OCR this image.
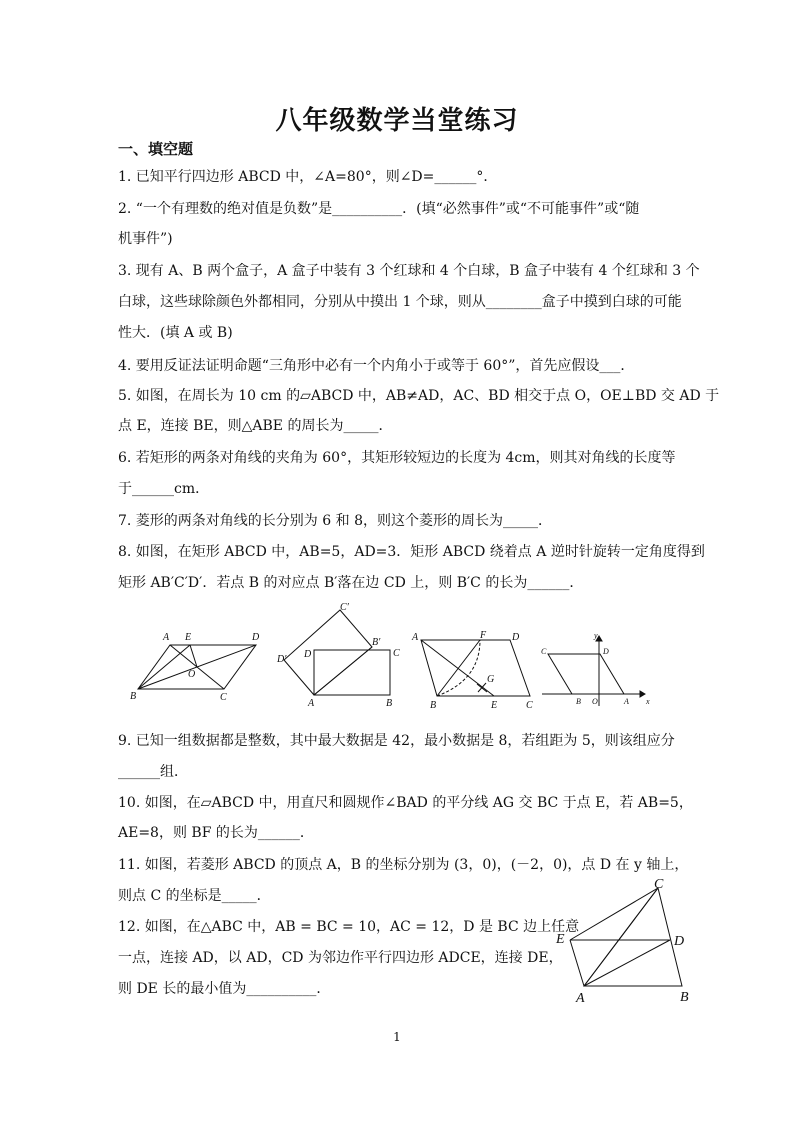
八年级数学当堂练习
一、填空题
1. 已知平行四边形 ABCD 中，∠A=80°，则∠D=______°．
2. “一个有理数的绝对值是负数”是__________．(填“必然事件”或“不可能事件”或“随
机事件”)
3. 现有 A、B 两个盒子，A 盒子中装有 3 个红球和 4 个白球，B 盒子中装有 4 个红球和 3 个
白球，这些球除颜色外都相同，分别从中摸出 1 个球，则从________盒子中摸到白球的可能
性大．(填 A 或 B)
4. 要用反证法证明命题“三角形中必有一个内角小于或等于 60°”，首先应假设___．
5. 如图，在周长为 10 cm 的▱ABCD 中，AB≠AD，AC、BD 相交于点 O，OE⊥BD 交 AD 于
点 E，连接 BE，则△ABE 的周长为_____．
6. 若矩形的两条对角线的夹角为 60°，其矩形较短边的长度为 4cm，则其对角线的长度等
于______cm．
7. 菱形的两条对角线的长分别为 6 和 8，则这个菱形的周长为_____．
8. 如图，在矩形 ABCD 中，AB=5，AD=3．矩形 ABCD 绕着点 A 逆时针旋转一定角度得到
矩形 AB′C′D′．若点 B 的对应点 B′落在边 CD 上，则 B′C 的长为______．
A E	D
O
B	C
C′
B′
D′ D	C
A	B
A	F	D
G
B	E	C
y
C	D
B O	A x
9. 已知一组数据都是整数，其中最大数据是 42，最小数据是 8，若组距为 5，则该组应分
______组．
10. 如图，在▱ABCD 中，用直尺和圆规作∠BAD 的平分线 AG 交 BC 于点 E，若 AB=5，
AE=8，则 BF 的长为______．
11. 如图，若菱形 ABCD 的顶点 A，B 的坐标分别为 (3，0)，(－2，0)，点 D 在 y 轴上，
则点 C 的坐标是_____．
12. 如图，在△ABC 中，AB = BC = 10，AC = 12，D 是 BC 边上任意
一点，连接 AD，以 AD，CD 为邻边作平行四边形 ADCE，连接 DE，
则 DE 长的最小值为__________．
C
E	D
A	B
1
